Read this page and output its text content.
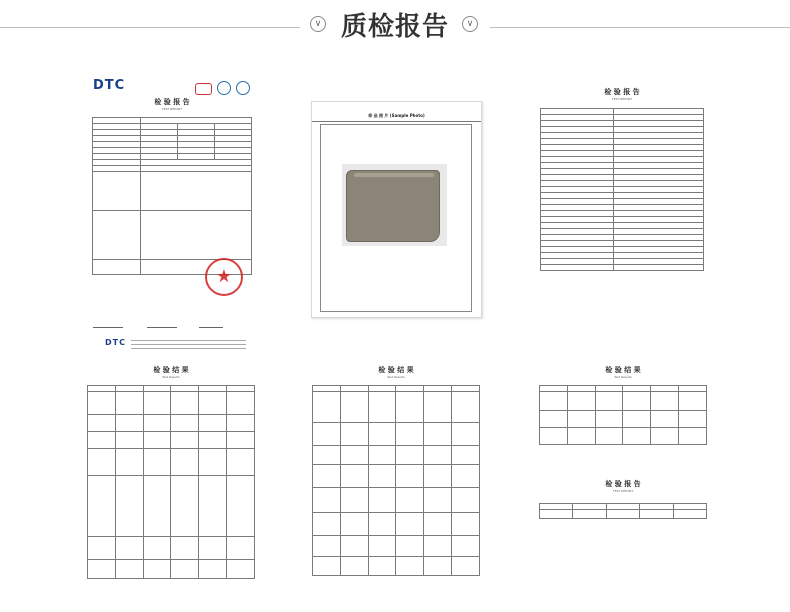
∨ 质检报告	∨
DTC

检 验 报 告
TEST REPORT

★

DTC

样 品 照 片 (Sample Photo)
检 验 报 告
TEST REPORT

检 验 结 果
Test Results

检 验 结 果
Test Results

检 验 结 果
Test Results

检 验 报 告
TEST REPORT
